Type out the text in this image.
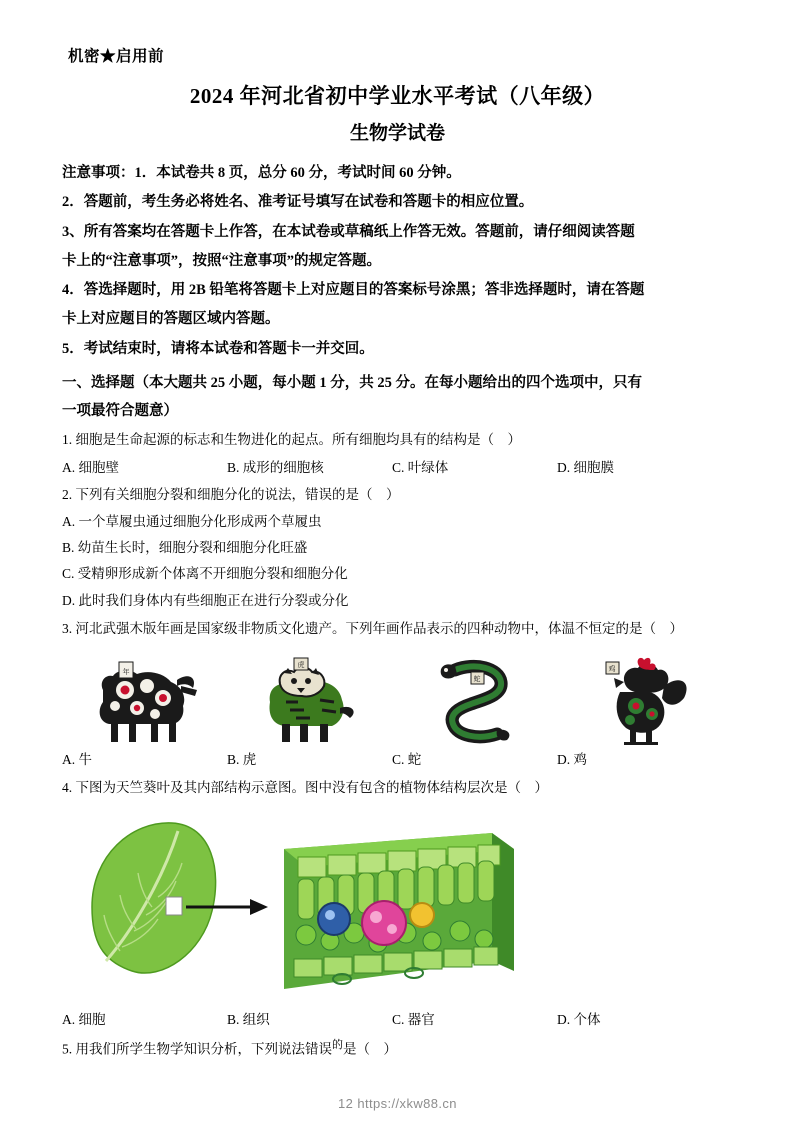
机密★启用前
2024 年河北省初中学业水平考试（八年级）
生物学试卷

注意事项：1．本试卷共 8 页，总分 60 分，考试时间 60 分钟。

2．答题前，考生务必将姓名、准考证号填写在试卷和答题卡的相应位置。

3、所有答案均在答题卡上作答，在本试卷或草稿纸上作答无效。答题前，请仔细阅读答题

卡上的“注意事项”，按照“注意事项”的规定答题。

4．答选择题时，用 2B 铅笔将答题卡上对应题目的答案标号涂黑；答非选择题时，请在答题

卡上对应题目的答题区域内答题。

5．考试结束时，请将本试卷和答题卡一并交回。

一、选择题（本大题共 25 小题，每小题 1 分，共 25 分。在每小题给出的四个选项中，只有
一项最符合题意）
1. 细胞是生命起源的标志和生物进化的起点。所有细胞均具有的结构是（　）
A. 细胞壁	B. 成形的细胞核	C. 叶绿体	D. 细胞膜
2. 下列有关细胞分裂和细胞分化的说法，错误的是（　）
A. 一个草履虫通过细胞分化形成两个草履虫
B. 幼苗生长时，细胞分裂和细胞分化旺盛
C. 受精卵形成新个体离不开细胞分裂和细胞分化
D. 此时我们身体内有些细胞正在进行分裂或分化
3. 河北武强木版年画是国家级非物质文化遗产。下列年画作品表示的四种动物中，体温不恒定的是（　）
年
虎
蛇
鸡
A. 牛	B. 虎	C. 蛇	D. 鸡
4. 下图为天竺葵叶及其内部结构示意图。图中没有包含的植物体结构层次是（　）
A. 细胞	B. 组织	C. 器官	D. 个体
5. 用我们所学生物学知识分析，下列说法错误$^的$是（　）
12 https://xkw88.cn
